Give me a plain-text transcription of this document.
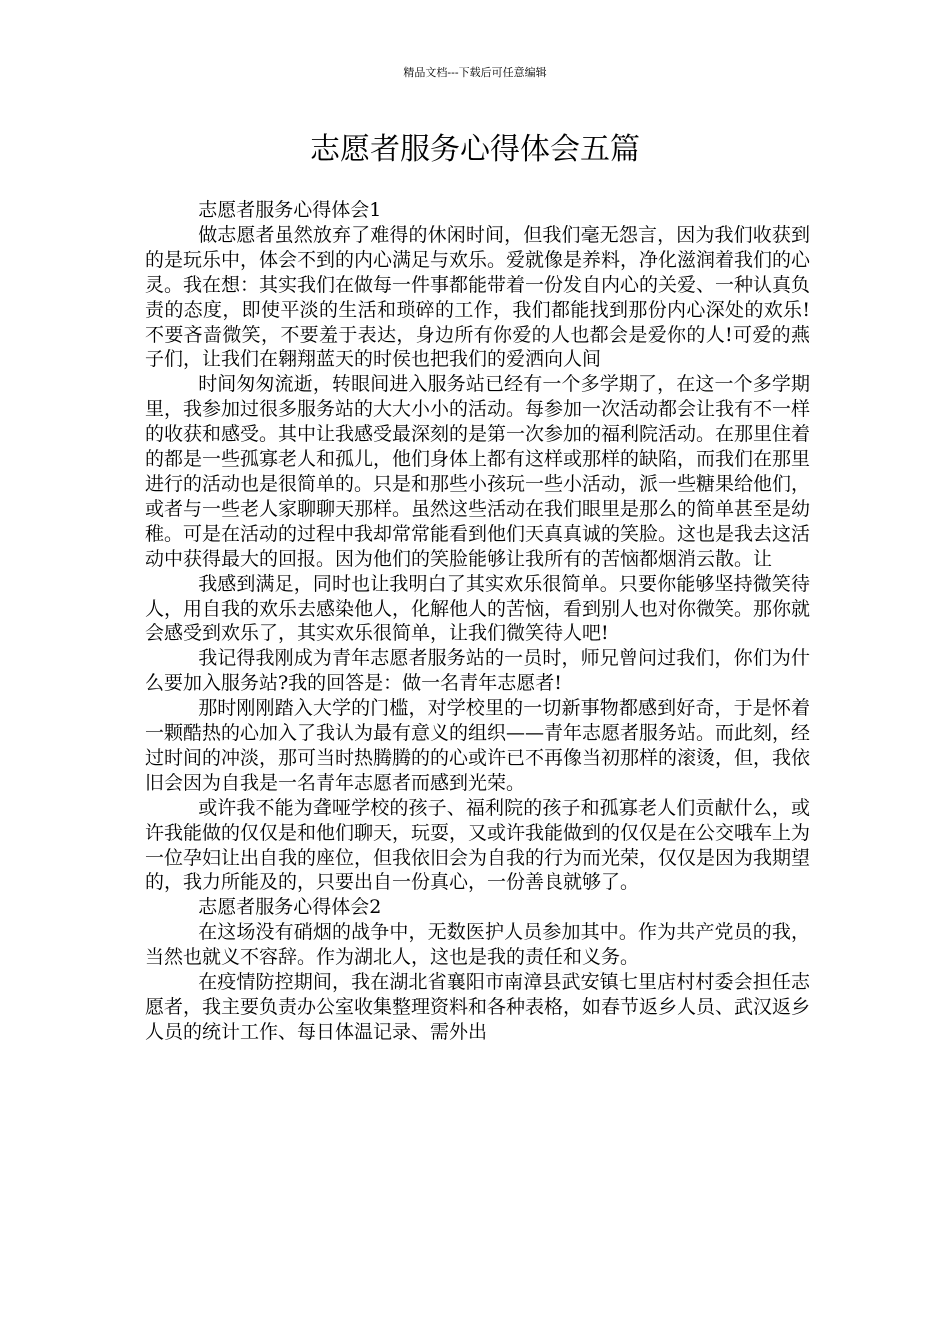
精品文档---下载后可任意编辑
志愿者服务心得体会五篇

志愿者服务心得体会1

做志愿者虽然放弃了难得的休闲时间，但我们毫无怨言，因为我们收获到的是玩乐中，体会不到的内心满足与欢乐。爱就像是养料，净化滋润着我们的心灵。我在想：其实我们在做每一件事都能带着一份发自内心的关爱、一种认真负责的态度，即使平淡的生活和琐碎的工作，我们都能找到那份内心深处的欢乐!不要吝啬微笑，不要羞于表达，身边所有你爱的人也都会是爱你的人!可爱的燕子们，让我们在翱翔蓝天的时侯也把我们的爱洒向人间

时间匆匆流逝，转眼间进入服务站已经有一个多学期了，在这一个多学期里，我参加过很多服务站的大大小小的活动。每参加一次活动都会让我有不一样的收获和感受。其中让我感受最深刻的是第一次参加的福利院活动。在那里住着的都是一些孤寡老人和孤儿，他们身体上都有这样或那样的缺陷，而我们在那里进行的活动也是很简单的。只是和那些小孩玩一些小活动，派一些糖果给他们，或者与一些老人家聊聊天那样。虽然这些活动在我们眼里是那么的简单甚至是幼稚。可是在活动的过程中我却常常能看到他们天真真诚的笑脸。这也是我去这活动中获得最大的回报。因为他们的笑脸能够让我所有的苦恼都烟消云散。让

我感到满足，同时也让我明白了其实欢乐很简单。只要你能够坚持微笑待人，用自我的欢乐去感染他人，化解他人的苦恼，看到别人也对你微笑。那你就会感受到欢乐了，其实欢乐很简单，让我们微笑待人吧!

我记得我刚成为青年志愿者服务站的一员时，师兄曾问过我们，你们为什么要加入服务站?我的回答是：做一名青年志愿者!

那时刚刚踏入大学的门槛，对学校里的一切新事物都感到好奇，于是怀着一颗酷热的心加入了我认为最有意义的组织——青年志愿者服务站。而此刻，经过时间的冲淡，那可当时热腾腾的的心或许已不再像当初那样的滚烫，但，我依旧会因为自我是一名青年志愿者而感到光荣。

或许我不能为聋哑学校的孩子、福利院的孩子和孤寡老人们贡献什么，或许我能做的仅仅是和他们聊天，玩耍，又或许我能做到的仅仅是在公交哦车上为一位孕妇让出自我的座位，但我依旧会为自我的行为而光荣，仅仅是因为我期望的，我力所能及的，只要出自一份真心，一份善良就够了。

志愿者服务心得体会2

在这场没有硝烟的战争中，无数医护人员参加其中。作为共产党员的我，当然也就义不容辞。作为湖北人，这也是我的责任和义务。

在疫情防控期间，我在湖北省襄阳市南漳县武安镇七里店村村委会担任志愿者，我主要负责办公室收集整理资料和各种表格，如春节返乡人员、武汉返乡人员的统计工作、每日体温记录、需外出
